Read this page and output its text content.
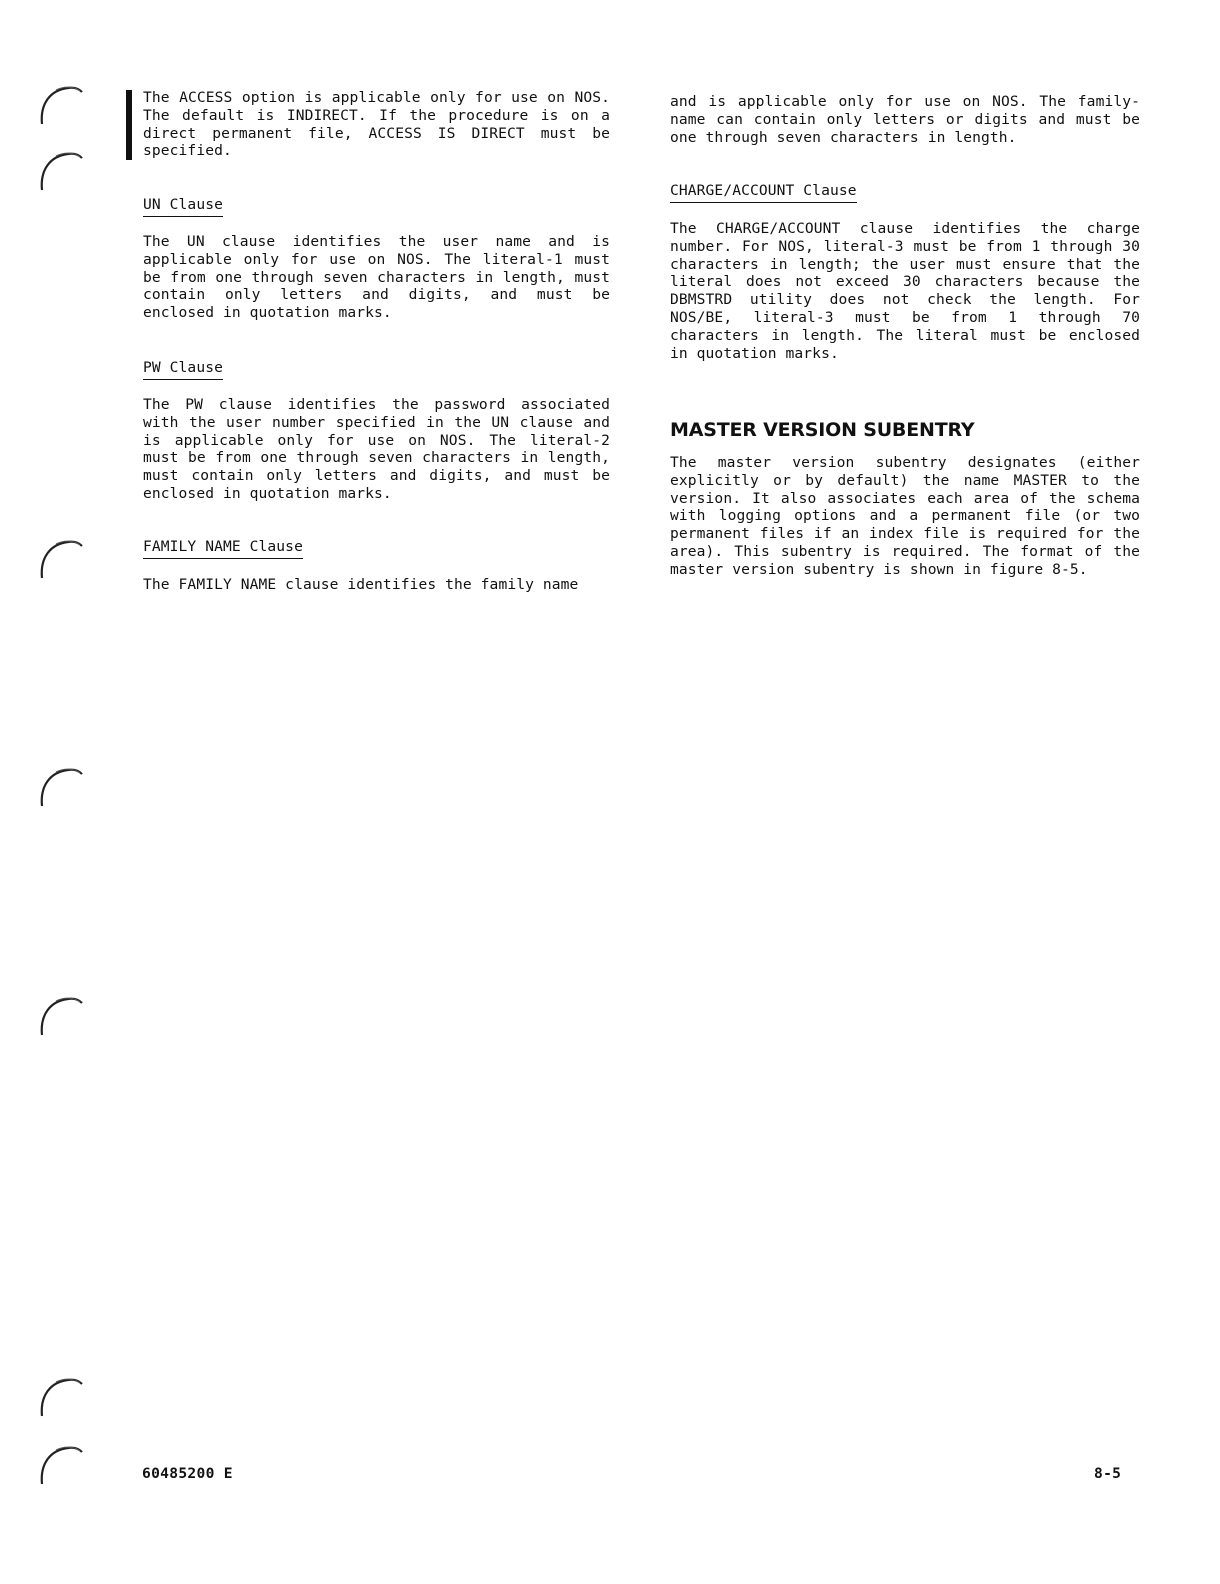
The ACCESS option is applicable only for use on NOS. The default is INDIRECT. If the procedure is on a direct permanent file, ACCESS IS DIRECT must be specified.

UN Clause

The UN clause identifies the user name and is applicable only for use on NOS. The literal-1 must be from one through seven characters in length, must contain only letters and digits, and must be enclosed in quotation marks.

PW Clause

The PW clause identifies the password associated with the user number specified in the UN clause and is applicable only for use on NOS. The literal-2 must be from one through seven characters in length, must contain only letters and digits, and must be enclosed in quotation marks.

FAMILY NAME Clause

The FAMILY NAME clause identifies the family name

and is applicable only for use on NOS. The family-name can contain only letters or digits and must be one through seven characters in length.

CHARGE/ACCOUNT Clause

The CHARGE/ACCOUNT clause identifies the charge number. For NOS, literal-3 must be from 1 through 30 characters in length; the user must ensure that the literal does not exceed 30 characters because the DBMSTRD utility does not check the length. For NOS/BE, literal-3 must be from 1 through 70 characters in length. The literal must be enclosed in quotation marks.

MASTER VERSION SUBENTRY

The master version subentry designates (either explicitly or by default) the name MASTER to the version. It also associates each area of the schema with logging options and a permanent file (or two permanent files if an index file is required for the area). This subentry is required. The format of the master version subentry is shown in figure 8-5.

60485200 E	8-5
